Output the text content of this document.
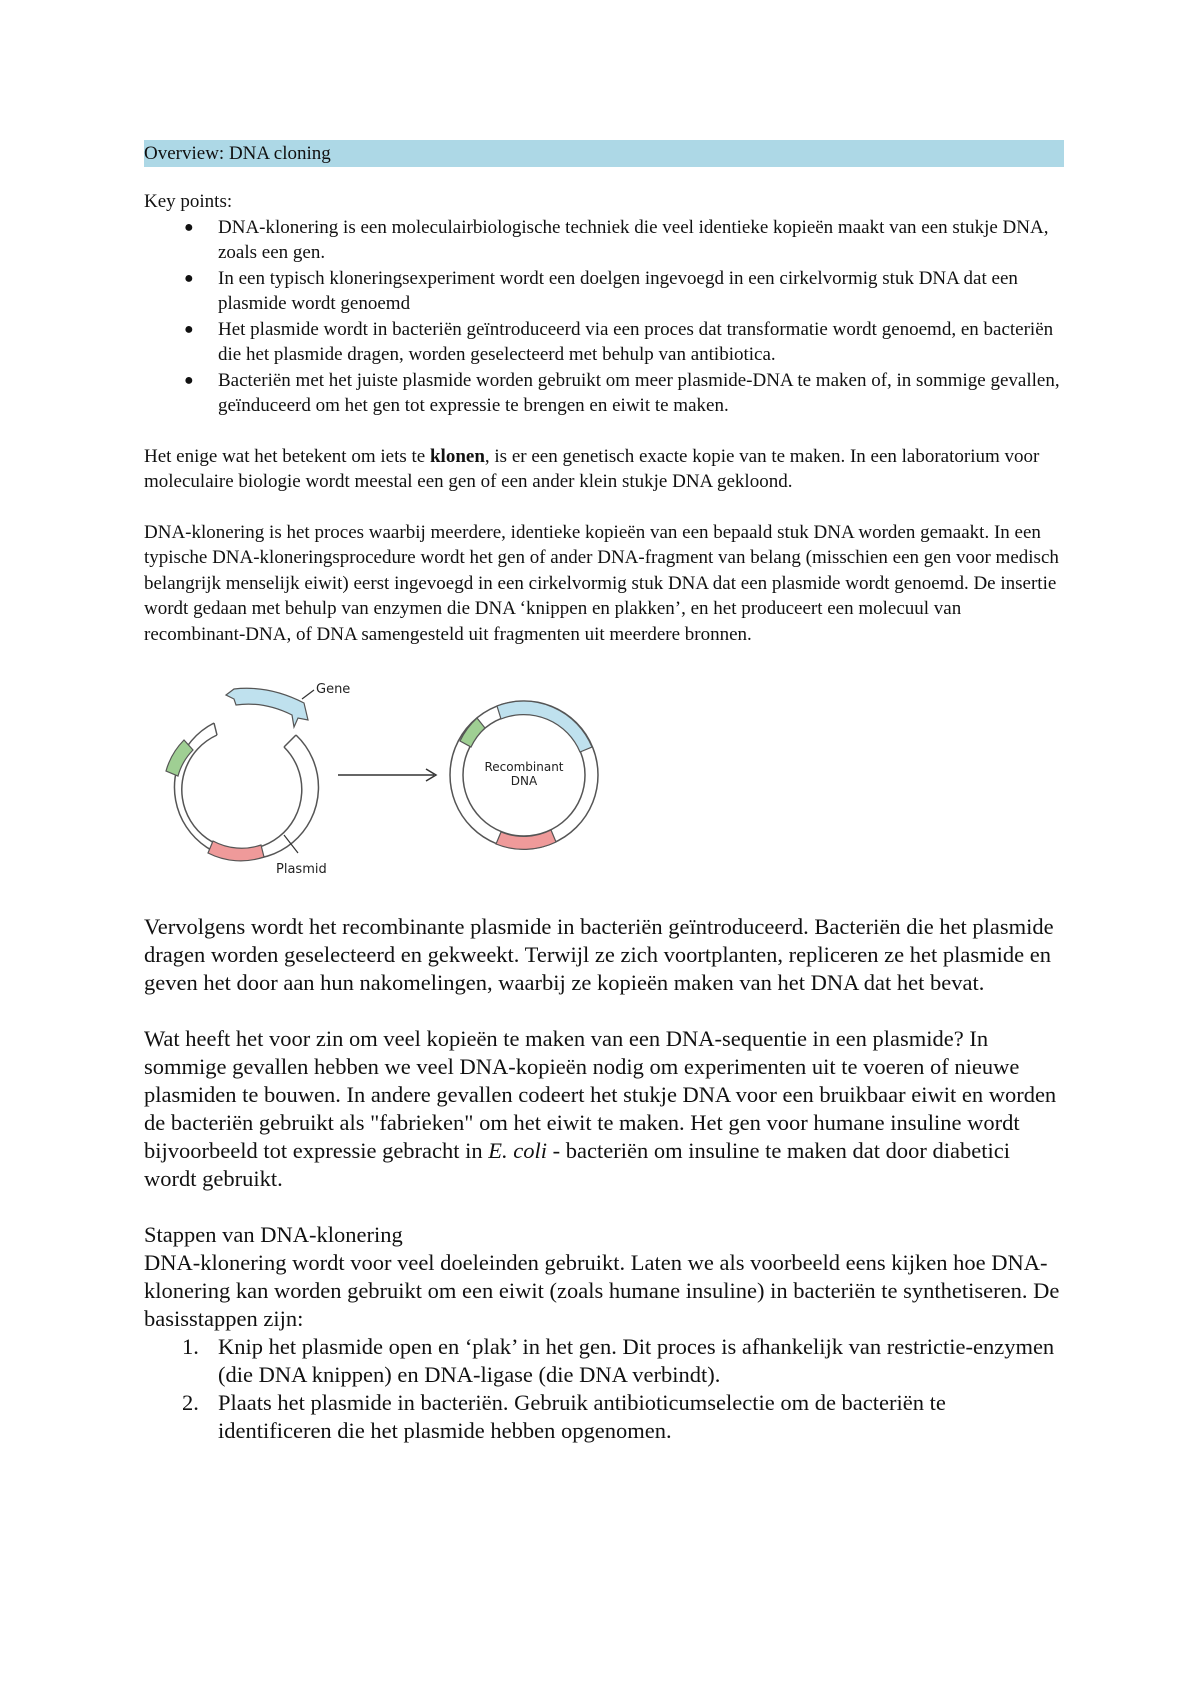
Overview: DNA cloning

Key points:

● DNA-klonering is een moleculairbiologische techniek die veel identieke kopieën maakt van een stukje DNA, zoals een gen.
● In een typisch kloneringsexperiment wordt een doelgen ingevoegd in een cirkelvormig stuk DNA dat een plasmide wordt genoemd
● Het plasmide wordt in bacteriën geïntroduceerd via een proces dat transformatie wordt genoemd, en bacteriën die het plasmide dragen, worden geselecteerd met behulp van antibiotica.
● Bacteriën met het juiste plasmide worden gebruikt om meer plasmide-DNA te maken of, in sommige gevallen, geïnduceerd om het gen tot expressie te brengen en eiwit te maken.

Het enige wat het betekent om iets te klonen, is er een genetisch exacte kopie van te maken. In een laboratorium voor moleculaire biologie wordt meestal een gen of een ander klein stukje DNA gekloond.

DNA-klonering is het proces waarbij meerdere, identieke kopieën van een bepaald stuk DNA worden gemaakt. In een typische DNA-kloneringsprocedure wordt het gen of ander DNA-fragment van belang (misschien een gen voor medisch belangrijk menselijk eiwit) eerst ingevoegd in een cirkelvormig stuk DNA dat een plasmide wordt genoemd. De insertie wordt gedaan met behulp van enzymen die DNA ‘knippen en plakken’, en het produceert een molecuul van recombinant-DNA, of DNA samengesteld uit fragmenten uit meerdere bronnen.

Gene
Plasmid
Recombinant
DNA

Vervolgens wordt het recombinante plasmide in bacteriën geïntroduceerd. Bacteriën die het plasmide dragen worden geselecteerd en gekweekt. Terwijl ze zich voortplanten, repliceren ze het plasmide en geven het door aan hun nakomelingen, waarbij ze kopieën maken van het DNA dat het bevat.

Wat heeft het voor zin om veel kopieën te maken van een DNA-sequentie in een plasmide? In sommige gevallen hebben we veel DNA-kopieën nodig om experimenten uit te voeren of nieuwe plasmiden te bouwen. In andere gevallen codeert het stukje DNA voor een bruikbaar eiwit en worden de bacteriën gebruikt als "fabrieken" om het eiwit te maken. Het gen voor humane insuline wordt bijvoorbeeld tot expressie gebracht in E. coli - bacteriën om insuline te maken dat door diabetici wordt gebruikt.

Stappen van DNA-klonering

DNA-klonering wordt voor veel doeleinden gebruikt. Laten we als voorbeeld eens kijken hoe DNA-klonering kan worden gebruikt om een eiwit (zoals humane insuline) in bacteriën te synthetiseren. De basisstappen zijn:

1. Knip het plasmide open en ‘plak’ in het gen. Dit proces is afhankelijk van restrictie-enzymen (die DNA knippen) en DNA-ligase (die DNA verbindt).
2. Plaats het plasmide in bacteriën. Gebruik antibioticumselectie om de bacteriën te identificeren die het plasmide hebben opgenomen.
